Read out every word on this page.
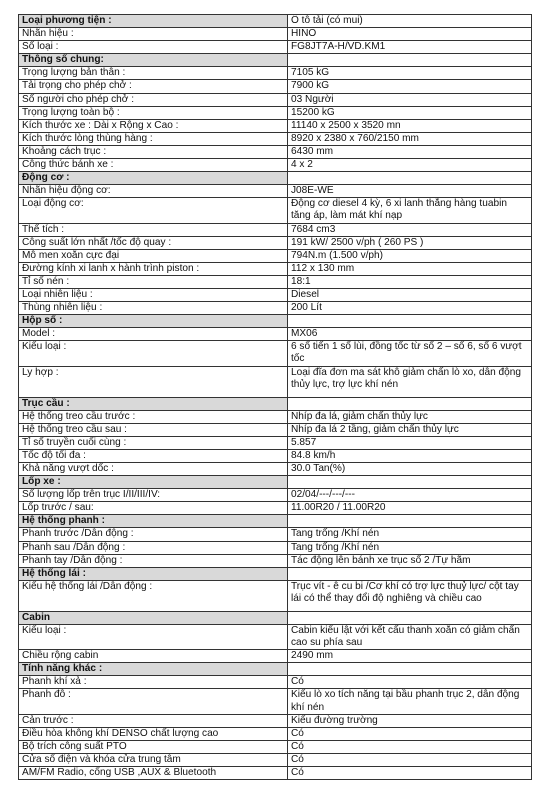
Loại phương tiện :	Ô tô tải (có mui)
Nhãn hiệu :	HINO
Số loại :	FG8JT7A-H/VD.KM1
Thông số chung:	
Trọng lượng bản thân :	7105 kG
Tải trọng cho phép chở :	7900 kG
Số người cho phép chở :	03 Người
Trọng lượng toàn bộ :	15200 kG
Kích thước xe : Dài x Rộng x Cao :	11140 x 2500 x 3520 mn
Kích thước lòng thùng hàng :	8920 x 2380 x 760/2150 mm
Khoảng cách trục :	6430 mm
Công thức bánh xe :	4 x 2
Động cơ :	
Nhãn hiệu động cơ:	J08E-WE
Loại động cơ:	Động cơ diesel 4 kỳ, 6 xi lanh thẳng hàng tuabin tăng áp, làm mát khí nạp
Thể tích :	7684 cm3
Công suất lớn nhất /tốc độ quay :	191 kW/ 2500 v/ph ( 260 PS )
Mô men xoắn cực đại	794N.m (1.500 v/ph)
Đường kính xi lanh x hành trình piston :	112 x 130 mm
Tỉ số nén :	18:1
Loại nhiên liệu :	Diesel
Thùng nhiên liệu :	200 Lít
Hộp số :	
Model :	MX06
Kiểu loại :	6 số tiến 1 số lùi, đồng tốc từ số 2 – số 6, số 6 vượt tốc
Ly hợp :	Loại đĩa đơn ma sát khô giảm chấn lò xo, dẫn động thủy lực, trợ lực khí nén
Trục cầu :	
Hệ thống treo cầu trước :	Nhíp đa lá, giảm chấn thủy lực
Hệ thống treo cầu sau :	Nhíp đa lá 2 tầng, giảm chấn thủy lực
Tỉ số truyền cuối cùng :	5.857
Tốc độ tối đa :	84.8 km/h
Khả năng vượt dốc :	30.0 Tan(%)
Lốp xe :	
Số lượng lốp trên trục I/II/III/IV:	02/04/---/---/---
Lốp trước / sau:	11.00R20 / 11.00R20
Hệ thống phanh :	
Phanh trước /Dẫn động :	Tang trống /Khí nén
Phanh sau /Dẫn động :	Tang trống /Khí nén
Phanh tay /Dẫn động :	Tác động lên bánh xe trục số 2 /Tự hãm
Hệ thống lái :	
Kiểu hệ thống lái /Dẫn động :	Trục vít - ê cu bi /Cơ khí có trợ lực thuỷ lực/ cột tay lái có thể thay đổi độ nghiêng và chiều cao
Cabin	
Kiểu loại :	Cabin kiểu lật với kết cấu thanh xoắn có giảm chấn cao su phía sau
Chiều rộng cabin	2490 mm
Tính năng khác :	
Phanh khí xả :	Có
Phanh đỗ :	Kiểu lò xo tích năng tại bầu phanh trục 2, dẫn động khí nén
Cản trước :	Kiểu đường trường
Điều hòa không khí DENSO chất lượng cao	Có
Bộ trích công suất PTO	Có
Cửa sổ điện và khóa cửa trung tâm	Có
AM/FM Radio, cổng USB ,AUX & Bluetooth	Có
